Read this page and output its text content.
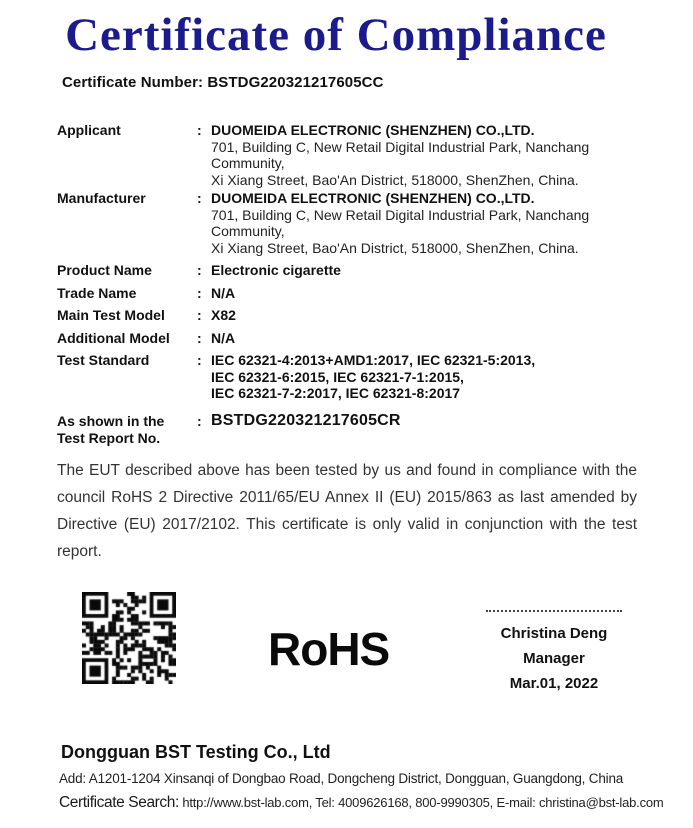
Certificate of Compliance
Certificate Number: BSTDG220321217605CC
Applicant	: DUOMEIDA ELECTRONIC (SHENZHEN) CO.,LTD.
701, Building C, New Retail Digital Industrial Park, Nanchang Community,
Xi Xiang Street, Bao'An District, 518000, ShenZhen, China.
Manufacturer	: DUOMEIDA ELECTRONIC (SHENZHEN) CO.,LTD.
701, Building C, New Retail Digital Industrial Park, Nanchang Community,
Xi Xiang Street, Bao'An District, 518000, ShenZhen, China.
Product Name	: Electronic cigarette
Trade Name	: N/A
Main Test Model	: X82
Additional Model	: N/A
Test Standard	: IEC 62321-4:2013+AMD1:2017, IEC 62321-5:2013,
IEC 62321-6:2015, IEC 62321-7-1:2015,
IEC 62321-7-2:2017, IEC 62321-8:2017
As shown in the
Test Report No.
: BSTDG220321217605CR
The EUT described above has been tested by us and found in compliance with the council RoHS 2 Directive 2011/65/EU Annex II (EU) 2015/863 as last amended by Directive (EU) 2017/2102. This certificate is only valid in conjunction with the test report.
RoHS	Christina Deng
Manager
Mar.01, 2022
Dongguan BST Testing Co., Ltd
Add: A1201-1204 Xinsanqi of Dongbao Road, Dongcheng District, Dongguan, Guangdong, China
Certificate Search: http://www.bst-lab.com, Tel: 4009626168, 800-9990305, E-mail: christina@bst-lab.com
